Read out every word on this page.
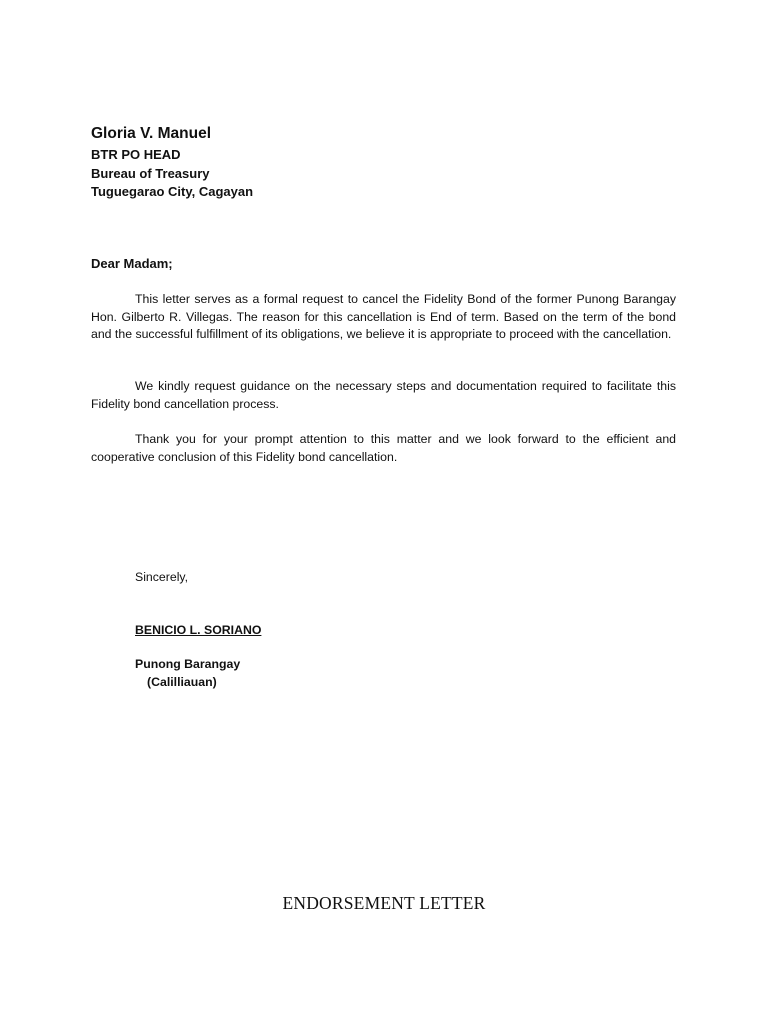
Gloria V. Manuel
BTR PO HEAD
Bureau of Treasury
Tuguegarao City, Cagayan
Dear Madam;

This letter serves as a formal request to cancel the Fidelity Bond of the former Punong Barangay Hon. Gilberto R. Villegas. The reason for this cancellation is End of term. Based on the term of the bond and the successful fulfillment of its obligations, we believe it is appropriate to proceed with the cancellation.

We kindly request guidance on the necessary steps and documentation required to facilitate this Fidelity bond cancellation process.

Thank you for your prompt attention to this matter and we look forward to the efficient and cooperative conclusion of this Fidelity bond cancellation.

Sincerely,
BENICIO L. SORIANO
Punong Barangay
(Calilliauan)
ENDORSEMENT LETTER
